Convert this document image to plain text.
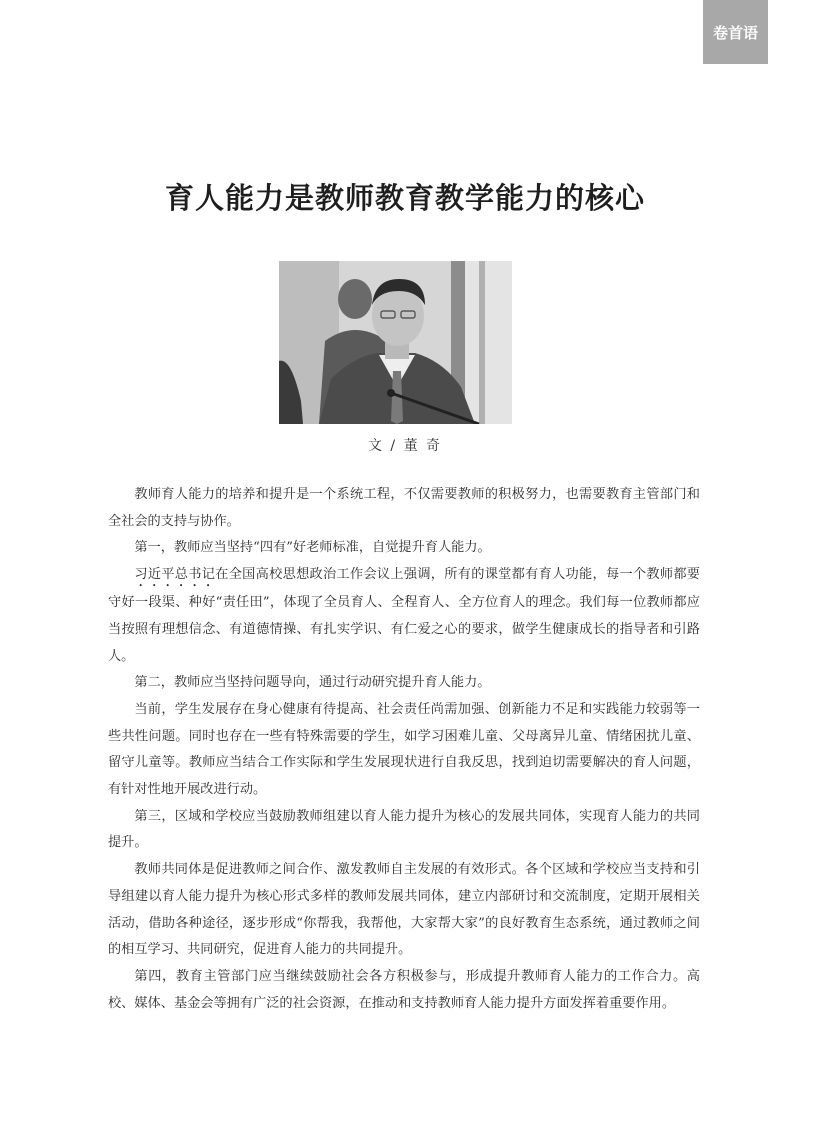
卷首语
育人能力是教师教育教学能力的核心
文 / 董 奇

教师育人能力的培养和提升是一个系统工程，不仅需要教师的积极努力，也需要教育主管部门和全社会的支持与协作。

第一，教师应当坚持“四有”好老师标准，自觉提升育人能力。

习近平总书记在全国高校思想政治工作会议上强调，所有的课堂都有育人功能，每一个教师都要守好一段渠、种好“责任田”，体现了全员育人、全程育人、全方位育人的理念。我们每一位教师都应当按照有理想信念、有道德情操、有扎实学识、有仁爱之心的要求，做学生健康成长的指导者和引路人。

第二，教师应当坚持问题导向，通过行动研究提升育人能力。

当前，学生发展存在身心健康有待提高、社会责任尚需加强、创新能力不足和实践能力较弱等一些共性问题。同时也存在一些有特殊需要的学生，如学习困难儿童、父母离异儿童、情绪困扰儿童、留守儿童等。教师应当结合工作实际和学生发展现状进行自我反思，找到迫切需要解决的育人问题，有针对性地开展改进行动。

第三，区域和学校应当鼓励教师组建以育人能力提升为核心的发展共同体，实现育人能力的共同提升。

教师共同体是促进教师之间合作、激发教师自主发展的有效形式。各个区域和学校应当支持和引导组建以育人能力提升为核心形式多样的教师发展共同体，建立内部研讨和交流制度，定期开展相关活动，借助各种途径，逐步形成“你帮我，我帮他，大家帮大家”的良好教育生态系统，通过教师之间的相互学习、共同研究，促进育人能力的共同提升。

第四，教育主管部门应当继续鼓励社会各方积极参与，形成提升教师育人能力的工作合力。高校、媒体、基金会等拥有广泛的社会资源，在推动和支持教师育人能力提升方面发挥着重要作用。
